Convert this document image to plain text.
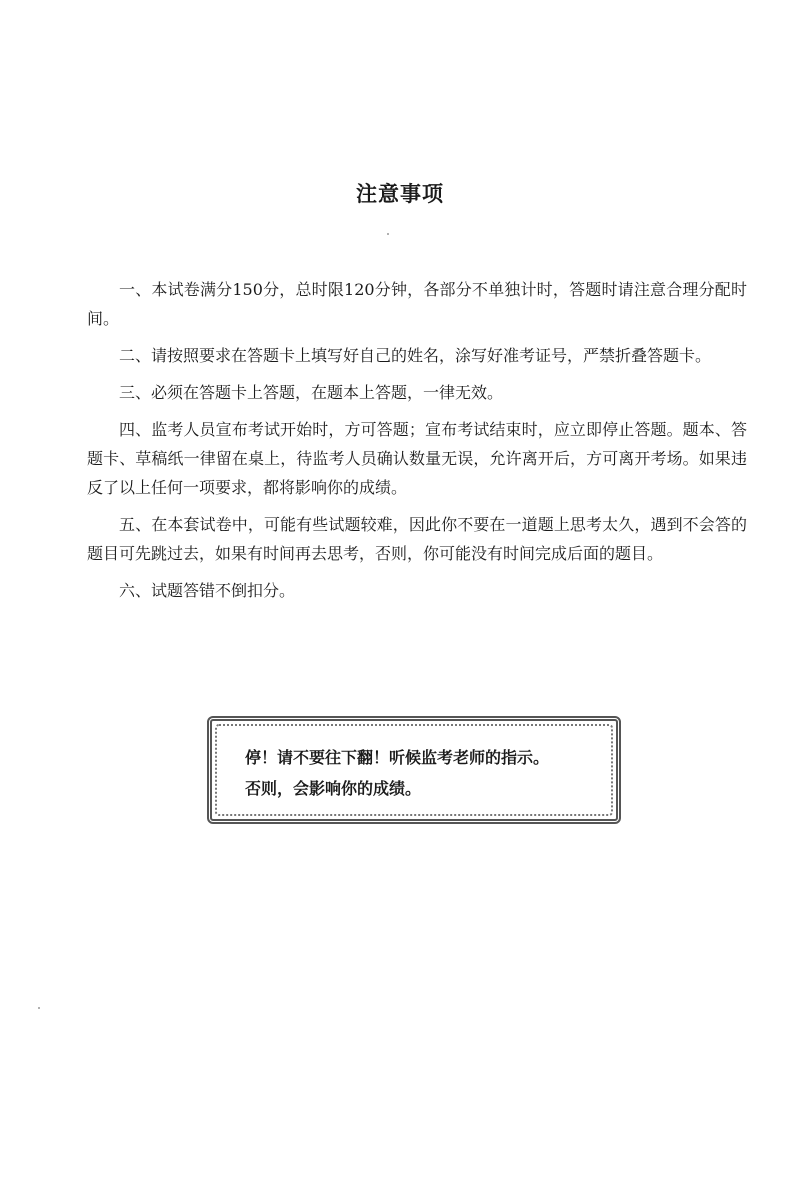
注意事项

一、本试卷满分150分，总时限120分钟，各部分不单独计时，答题时请注意合理分配时间。

二、请按照要求在答题卡上填写好自己的姓名，涂写好准考证号，严禁折叠答题卡。

三、必须在答题卡上答题，在题本上答题，一律无效。

四、监考人员宣布考试开始时，方可答题；宣布考试结束时，应立即停止答题。题本、答题卡、草稿纸一律留在桌上，待监考人员确认数量无误，允许离开后，方可离开考场。如果违反了以上任何一项要求，都将影响你的成绩。

五、在本套试卷中，可能有些试题较难，因此你不要在一道题上思考太久，遇到不会答的题目可先跳过去，如果有时间再去思考，否则，你可能没有时间完成后面的题目。

六、试题答错不倒扣分。

停！请不要往下翻！听候监考老师的指示。

否则，会影响你的成绩。
